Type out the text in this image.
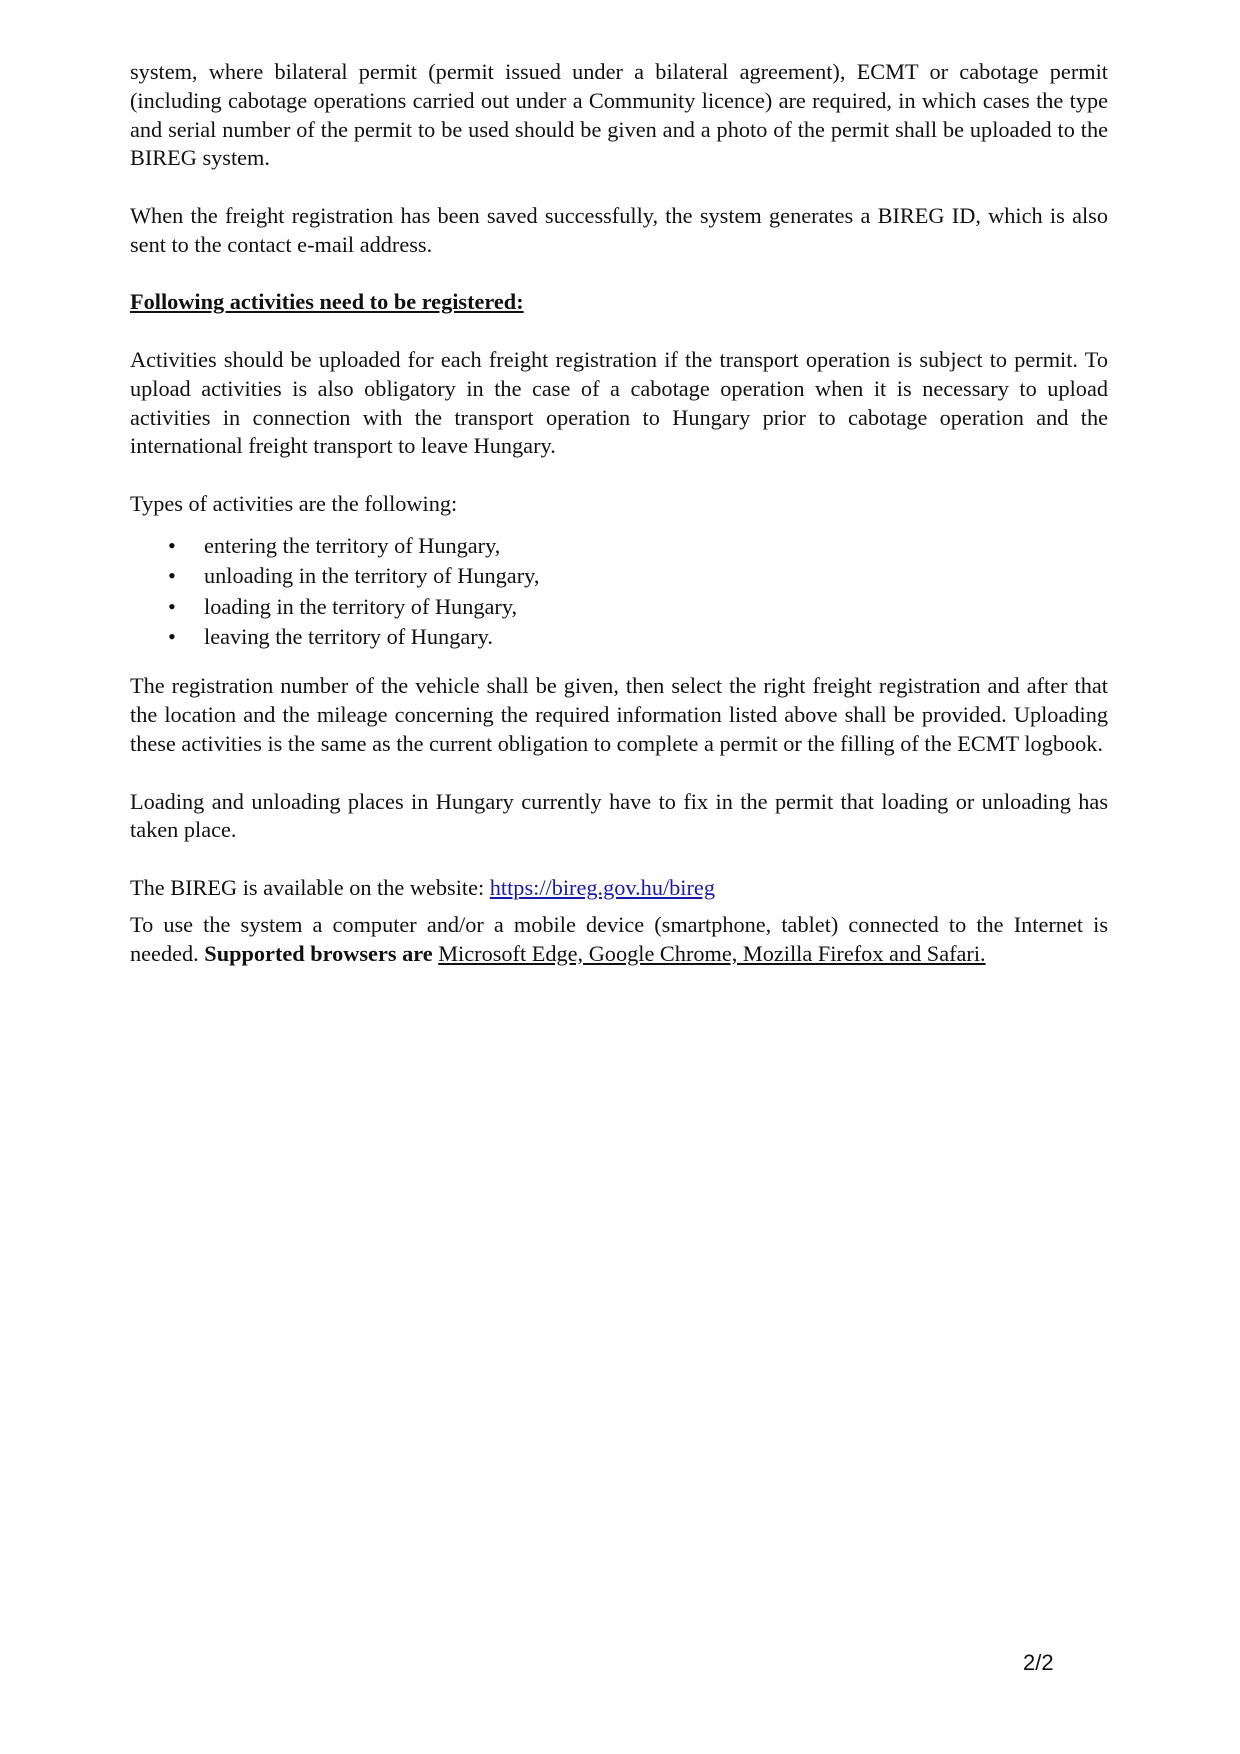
system, where bilateral permit (permit issued under a bilateral agreement), ECMT or cabotage permit (including cabotage operations carried out under a Community licence) are required, in which cases the type and serial number of the permit to be used should be given and a photo of the permit shall be uploaded to the BIREG system.

When the freight registration has been saved successfully, the system generates a BIREG ID, which is also sent to the contact e-mail address.

Following activities need to be registered:

Activities should be uploaded for each freight registration if the transport operation is subject to permit. To upload activities is also obligatory in the case of a cabotage operation when it is necessary to upload activities in connection with the transport operation to Hungary prior to cabotage operation and the international freight transport to leave Hungary.

Types of activities are the following:

• entering the territory of Hungary,
• unloading in the territory of Hungary,
• loading in the territory of Hungary,
• leaving the territory of Hungary.

The registration number of the vehicle shall be given, then select the right freight registration and after that the location and the mileage concerning the required information listed above shall be provided. Uploading these activities is the same as the current obligation to complete a permit or the filling of the ECMT logbook.

Loading and unloading places in Hungary currently have to fix in the permit that loading or unloading has taken place.

The BIREG is available on the website: https://bireg.gov.hu/bireg

To use the system a computer and/or a mobile device (smartphone, tablet) connected to the Internet is needed. Supported browsers are Microsoft Edge, Google Chrome, Mozilla Firefox and Safari.

2/2
